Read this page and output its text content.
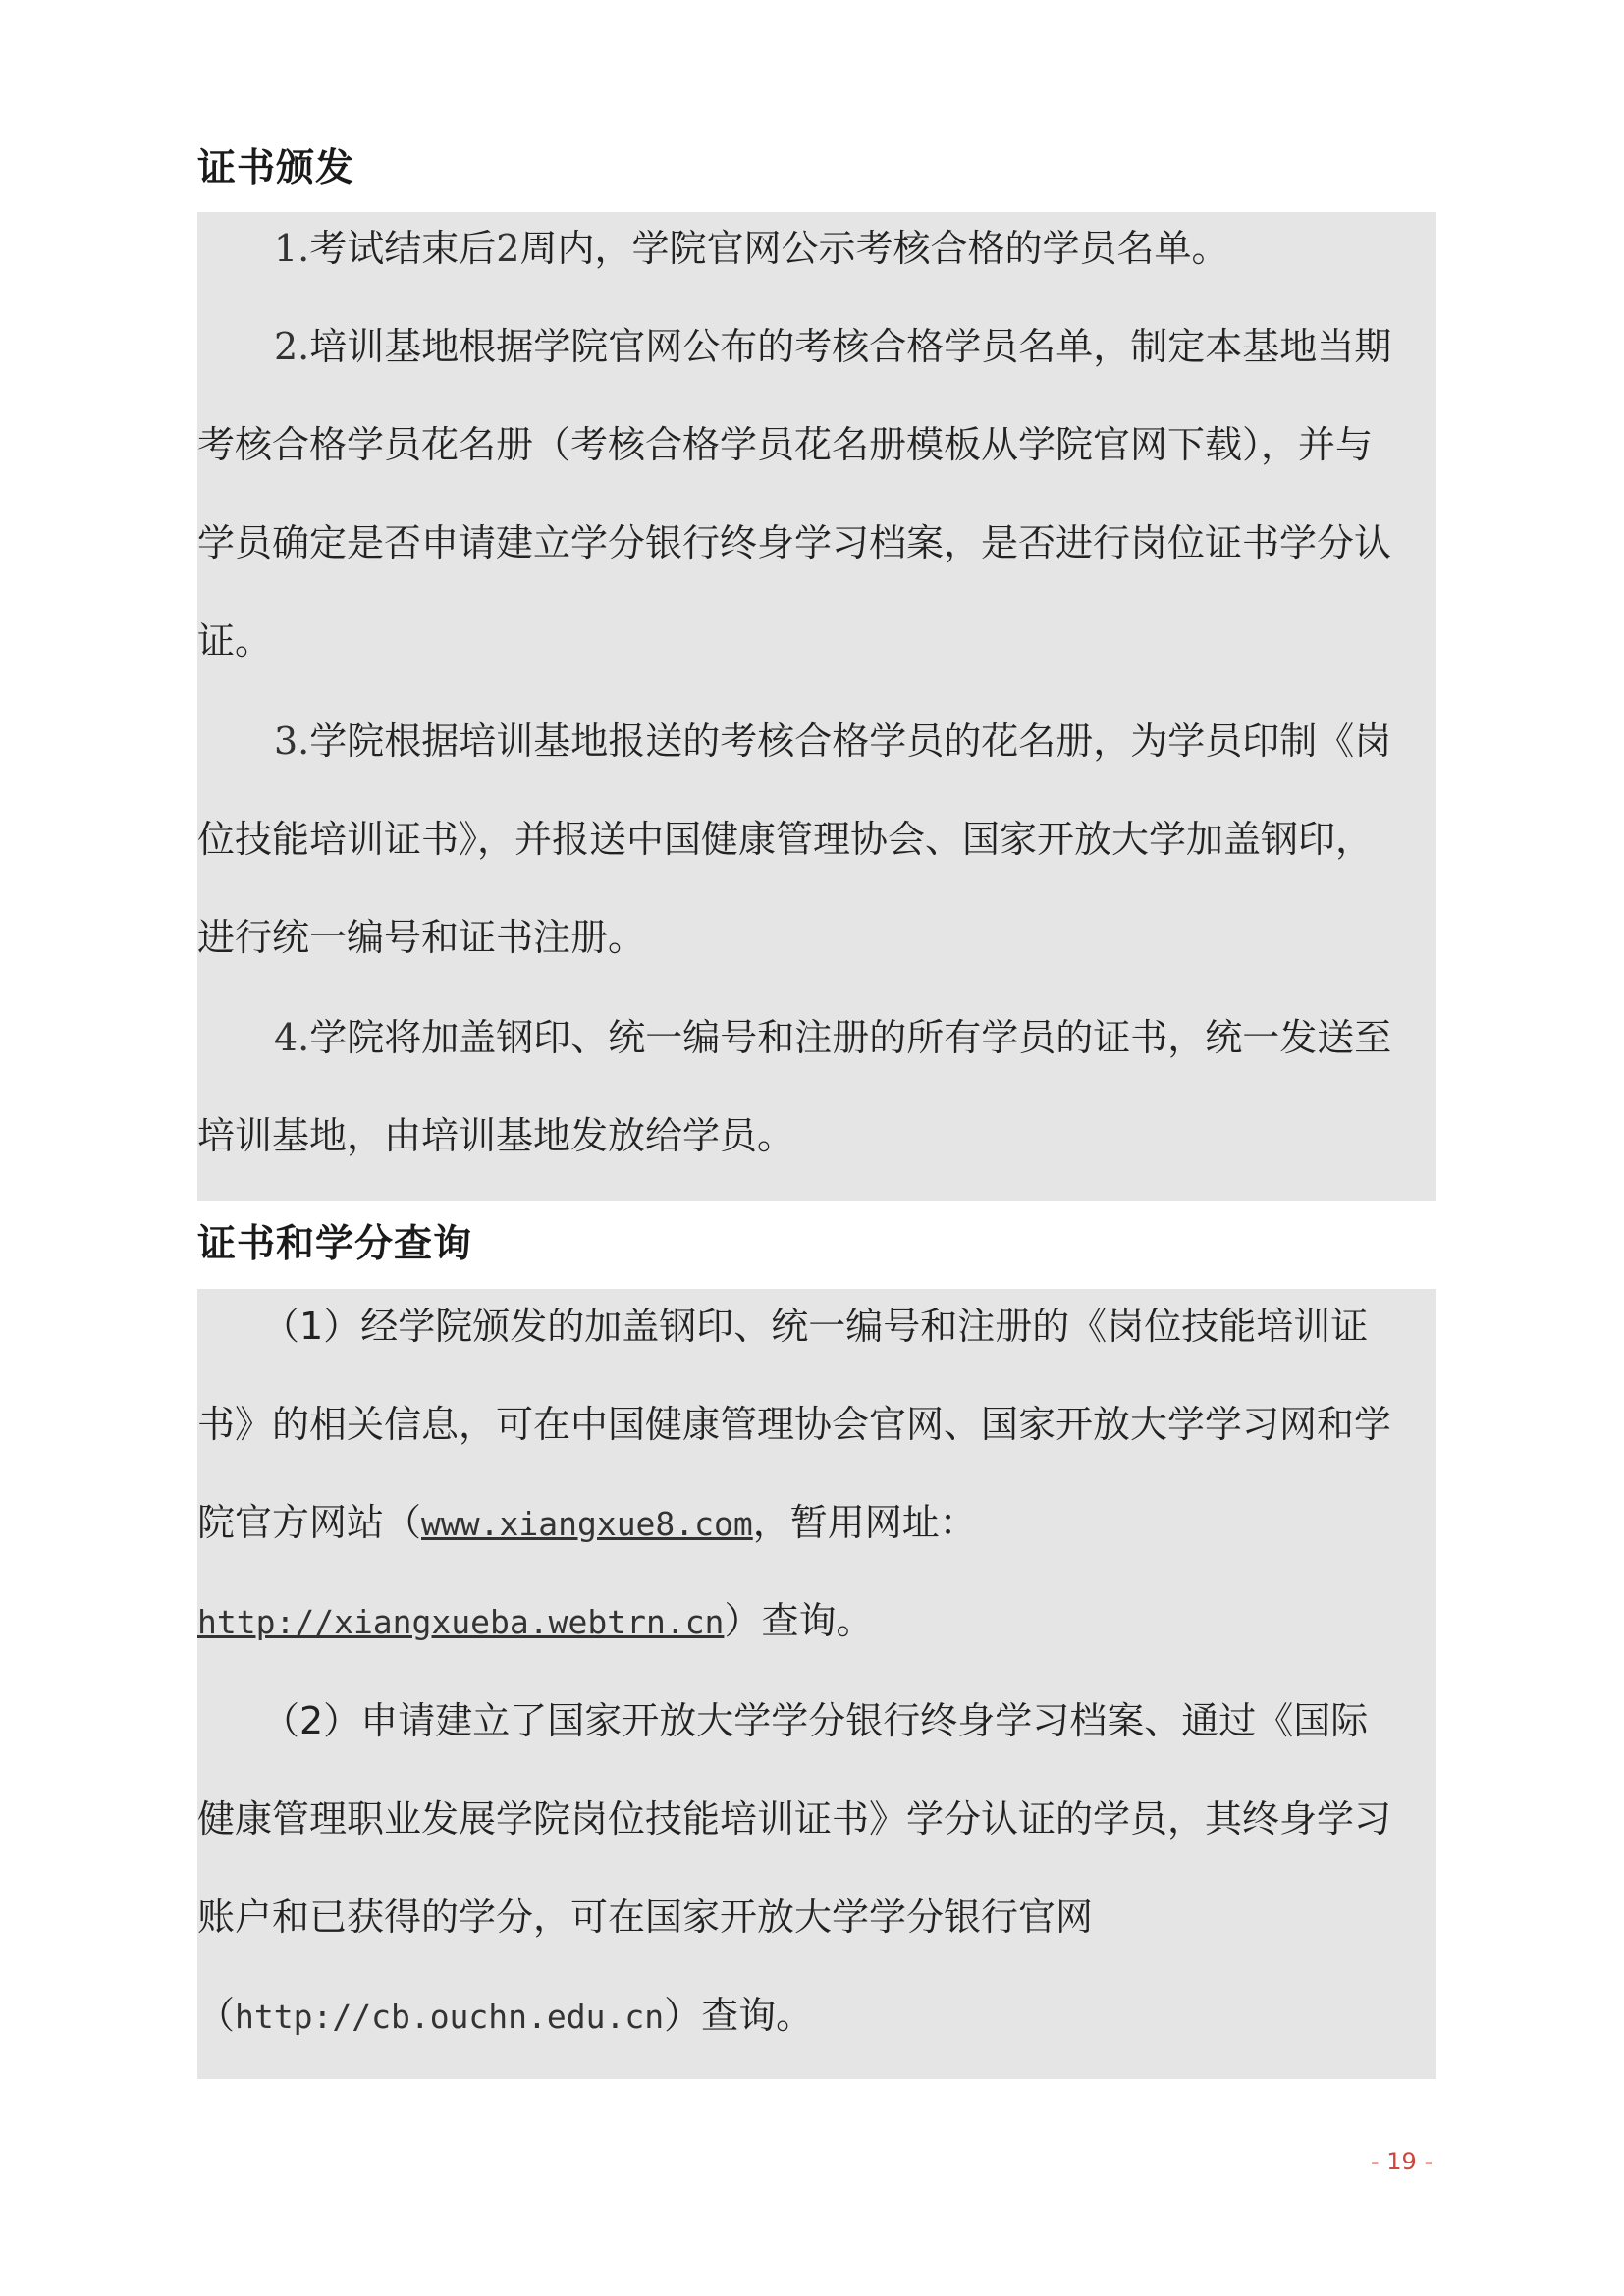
证书颁发
1.考试结束后2周内，学院官网公示考核合格的学员名单。
2.培训基地根据学院官网公布的考核合格学员名单，制定本基地当期
考核合格学员花名册（考核合格学员花名册模板从学院官网下载），并与
学员确定是否申请建立学分银行终身学习档案，是否进行岗位证书学分认
证。
3.学院根据培训基地报送的考核合格学员的花名册，为学员印制《岗
位技能培训证书》，并报送中国健康管理协会、国家开放大学加盖钢印，
进行统一编号和证书注册。
4.学院将加盖钢印、统一编号和注册的所有学员的证书，统一发送至
培训基地，由培训基地发放给学员。
证书和学分查询
（1）经学院颁发的加盖钢印、统一编号和注册的《岗位技能培训证
书》的相关信息，可在中国健康管理协会官网、国家开放大学学习网和学
院官方网站（www.xiangxue8.com，暂用网址：
http://xiangxueba.webtrn.cn）查询。
（2）申请建立了国家开放大学学分银行终身学习档案、通过《国际
健康管理职业发展学院岗位技能培训证书》学分认证的学员，其终身学习
账户和已获得的学分，可在国家开放大学学分银行官网
（http://cb.ouchn.edu.cn）查询。
- 19 -
